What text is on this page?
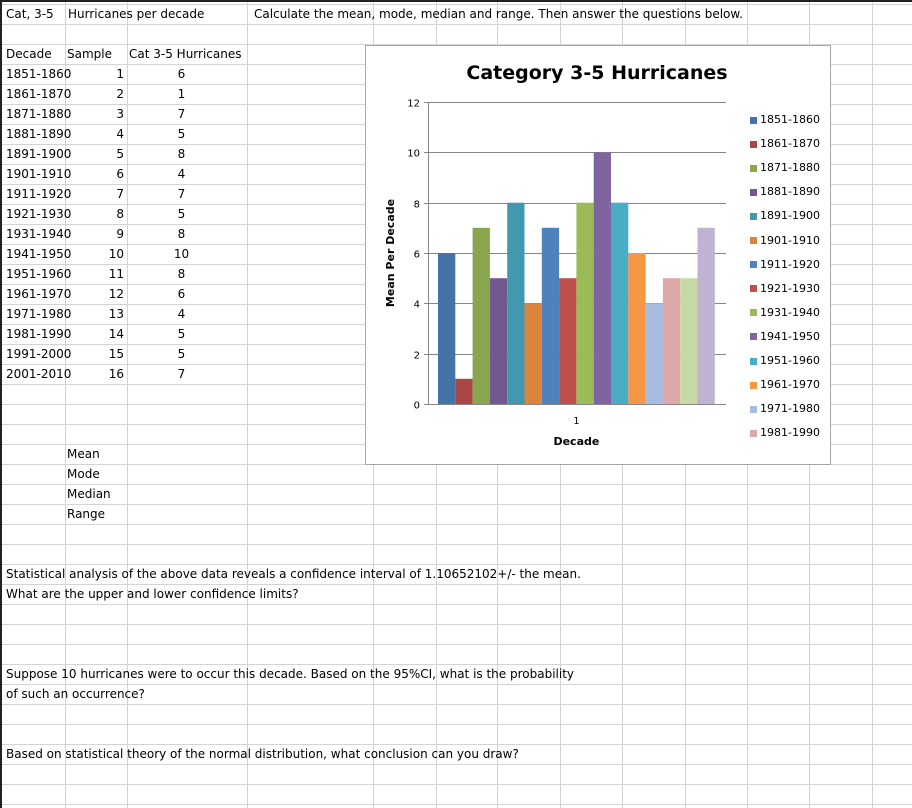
Cat, 3-5 Hurricanes per decade	Calculate the mean, mode, median and range. Then answer the questions below.
Decade Sample Cat 3-5 Hurricanes
1851-1860	1	6
1861-1870	2	1
1871-1880	3	7
1881-1890	4	5
1891-1900	5	8
1901-1910	6	4
1911-1920	7	7
1921-1930	8	5
1931-1940	9	8
1941-1950	10	10
1951-1960	11	8
1961-1970	12	6
1971-1980	13	4
1981-1990	14	5
1991-2000	15	5
2001-2010	16	7
Mean
Mode
Median
Range
Statistical analysis of the above data reveals a confidence interval of 1.10652102+/- the mean.
What are the upper and lower confidence limits?
Suppose 10 hurricanes were to occur this decade. Based on the 95%CI, what is the probability
of such an occurrence?
Based on statistical theory of the normal distribution, what conclusion can you draw?
0
2
4
6
8
10
12
1
Category 3-5 Hurricanes
Decade
Mean Per Decade
1851-1860
1861-1870
1871-1880
1881-1890
1891-1900
1901-1910
1911-1920
1921-1930
1931-1940
1941-1950
1951-1960
1961-1970
1971-1980
1981-1990
